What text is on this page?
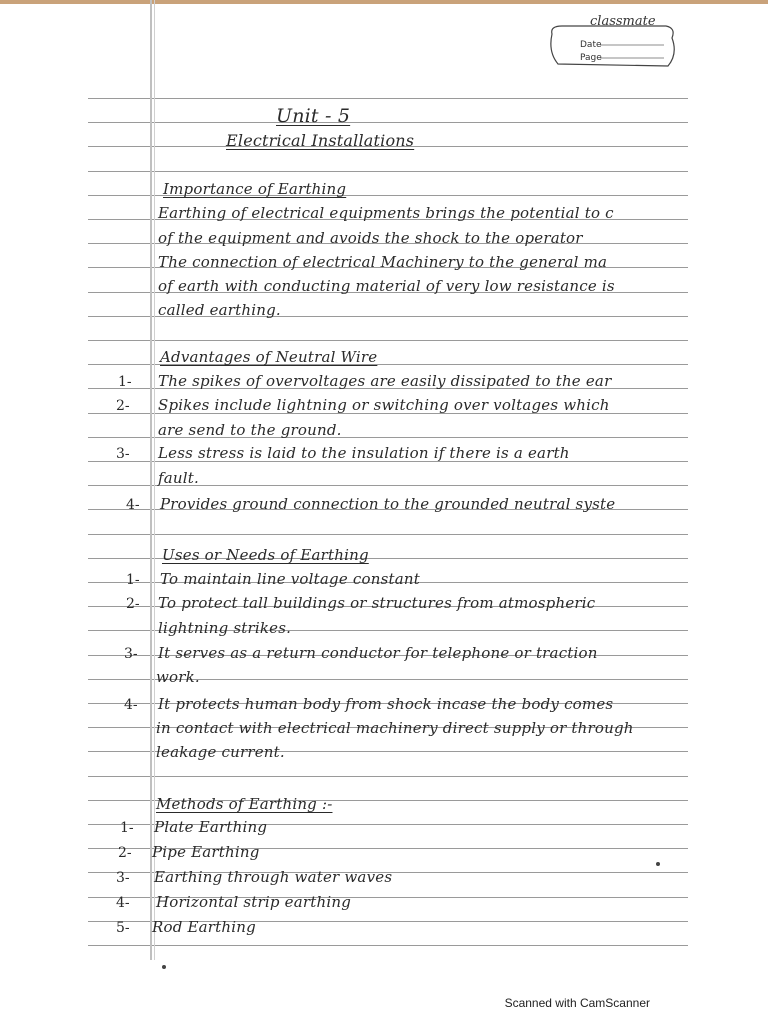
classmate
Date
Page
Unit - 5
Electrical Installations
Importance of Earthing
Earthing of electrical equipments brings the potential to c
of the equipment and avoids the shock to the operator
The connection of electrical Machinery to the general ma
of earth with conducting material of very low resistance is
called earthing.
Advantages of Neutral Wire
1- The spikes of overvoltages are easily dissipated to the ear
2- Spikes include lightning or switching over voltages which
are send to the ground.
3- Less stress is laid to the insulation if there is a earth
fault.
4- Provides ground connection to the grounded neutral syste
Uses or Needs of Earthing
1- To maintain line voltage constant
2- To protect tall buildings or structures from atmospheric
lightning strikes.
3- It serves as a return conductor for telephone or traction
work.
4- It protects human body from shock incase the body comes
in contact with electrical machinery direct supply or through
leakage current.
Methods of Earthing :-
1- Plate Earthing
2- Pipe Earthing
3- Earthing through water waves
4- Horizontal strip earthing
5- Rod Earthing
Scanned with CamScanner
